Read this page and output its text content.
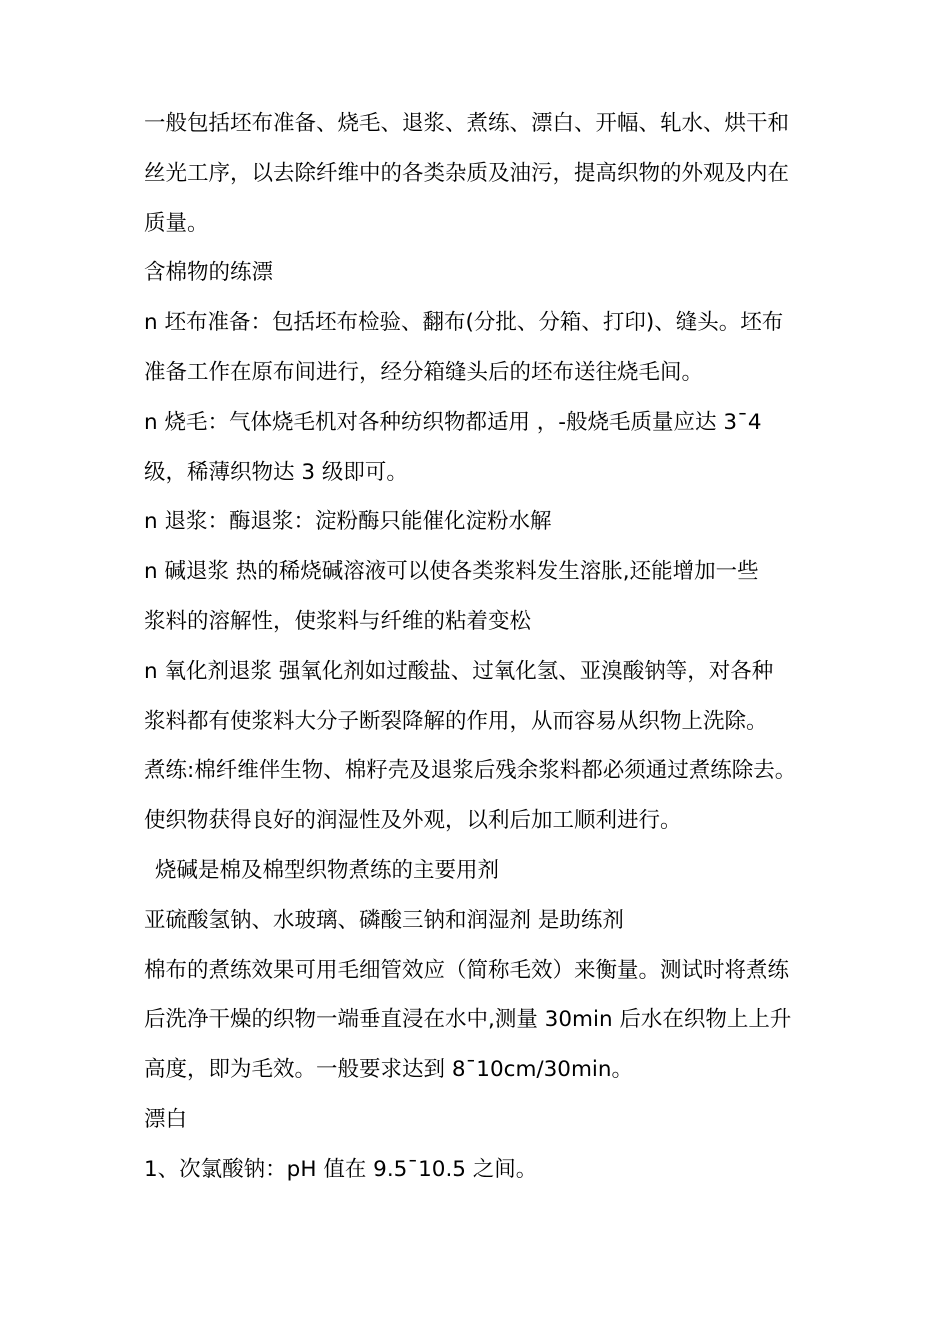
一般包括坯布准备、烧毛、退浆、煮练、漂白、开幅、轧水、烘干和
丝光工序，以去除纤维中的各类杂质及油污，提高织物的外观及内在
质量。
含棉物的练漂
n 坯布准备：包括坯布检验、翻布(分批、分箱、打印)、缝头。坯布
准备工作在原布间进行，经分箱缝头后的坯布送往烧毛间。
n 烧毛：气体烧毛机对各种纺织物都适用 ，-般烧毛质量应达 3¯4
级，稀薄织物达 3 级即可。
n 退浆：酶退浆：淀粉酶只能催化淀粉水解
n 碱退浆 热的稀烧碱溶液可以使各类浆料发生溶胀,还能增加一些
浆料的溶解性，使浆料与纤维的粘着变松
n 氧化剂退浆 强氧化剂如过酸盐、过氧化氢、亚溴酸钠等，对各种
浆料都有使浆料大分子断裂降解的作用，从而容易从织物上洗除。
煮练:棉纤维伴生物、棉籽壳及退浆后残余浆料都必须通过煮练除去。
使织物获得良好的润湿性及外观，以利后加工顺利进行。
烧碱是棉及棉型织物煮练的主要用剂
亚硫酸氢钠、水玻璃、磷酸三钠和润湿剂 是助练剂
棉布的煮练效果可用毛细管效应（简称毛效）来衡量。测试时将煮练
后洗净干燥的织物一端垂直浸在水中,测量 30min 后水在织物上上升
高度，即为毛效。一般要求达到 8¯10cm/30min。
漂白
1、次氯酸钠：pH 值在 9.5¯10.5 之间。
